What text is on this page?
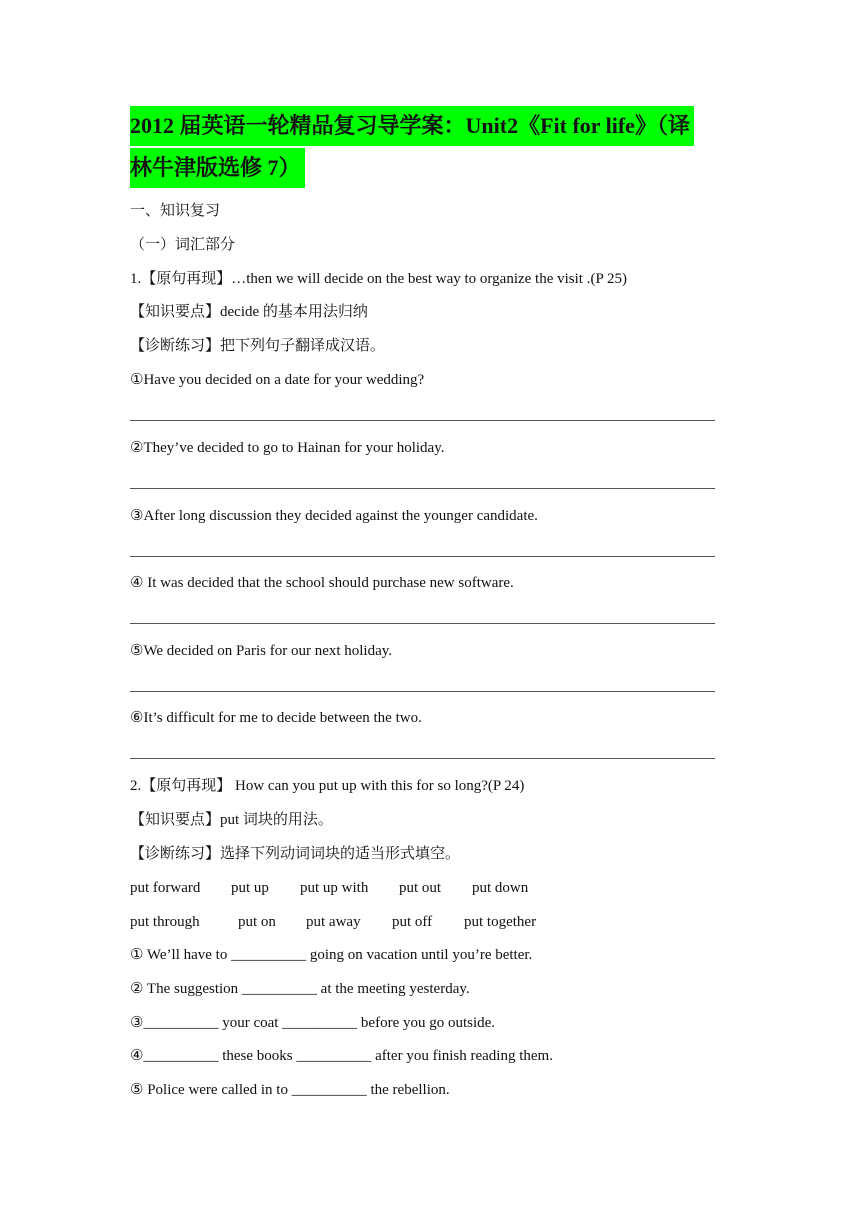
2012 届英语一轮精品复习导学案：Unit2《Fit for life》（译
林牛津版选修 7）
一、知识复习
（一）词汇部分
1.【原句再现】…then we will decide on the best way to organize the visit .(P 25)
【知识要点】decide 的基本用法归纳
【诊断练习】把下列句子翻译成汉语。
①Have you decided on a date for your wedding?
②They’ve decided to go to Hainan for your holiday.
③After long discussion they decided against the younger candidate.
④ It was decided that the school should purchase new software.
⑤We decided on Paris for our next holiday.
⑥It’s difficult for me to decide between the two.
2.【原句再现】 How can you put up with this for so long?(P 24)
【知识要点】put 词块的用法。
【诊断练习】选择下列动词词块的适当形式填空。
put forward put up put up with put out put down
put through	put on put away put off put together
① We’ll have to __________ going on vacation until you’re better.
② The suggestion __________ at the meeting yesterday.
③__________ your coat __________ before you go outside.
④__________ these books __________ after you finish reading them.
⑤ Police were called in to __________ the rebellion.
